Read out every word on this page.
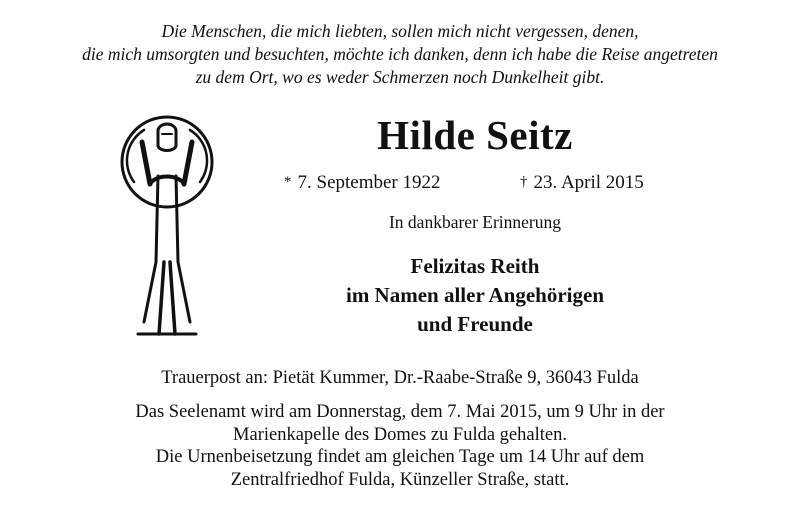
Die Menschen, die mich liebten, sollen mich nicht vergessen, denen,
die mich umsorgten und besuchten, möchte ich danken, denn ich habe die Reise angetreten
zu dem Ort, wo es weder Schmerzen noch Dunkelheit gibt.
Hilde Seitz
* 7. September 1922	† 23. April 2015
In dankbarer Erinnerung
Felizitas Reith
im Namen aller Angehörigen
und Freunde
Trauerpost an: Pietät Kummer, Dr.-Raabe-Straße 9, 36043 Fulda
Das Seelenamt wird am Donnerstag, dem 7. Mai 2015, um 9 Uhr in der
Marienkapelle des Domes zu Fulda gehalten.
Die Urnenbeisetzung findet am gleichen Tage um 14 Uhr auf dem
Zentralfriedhof Fulda, Künzeller Straße, statt.
